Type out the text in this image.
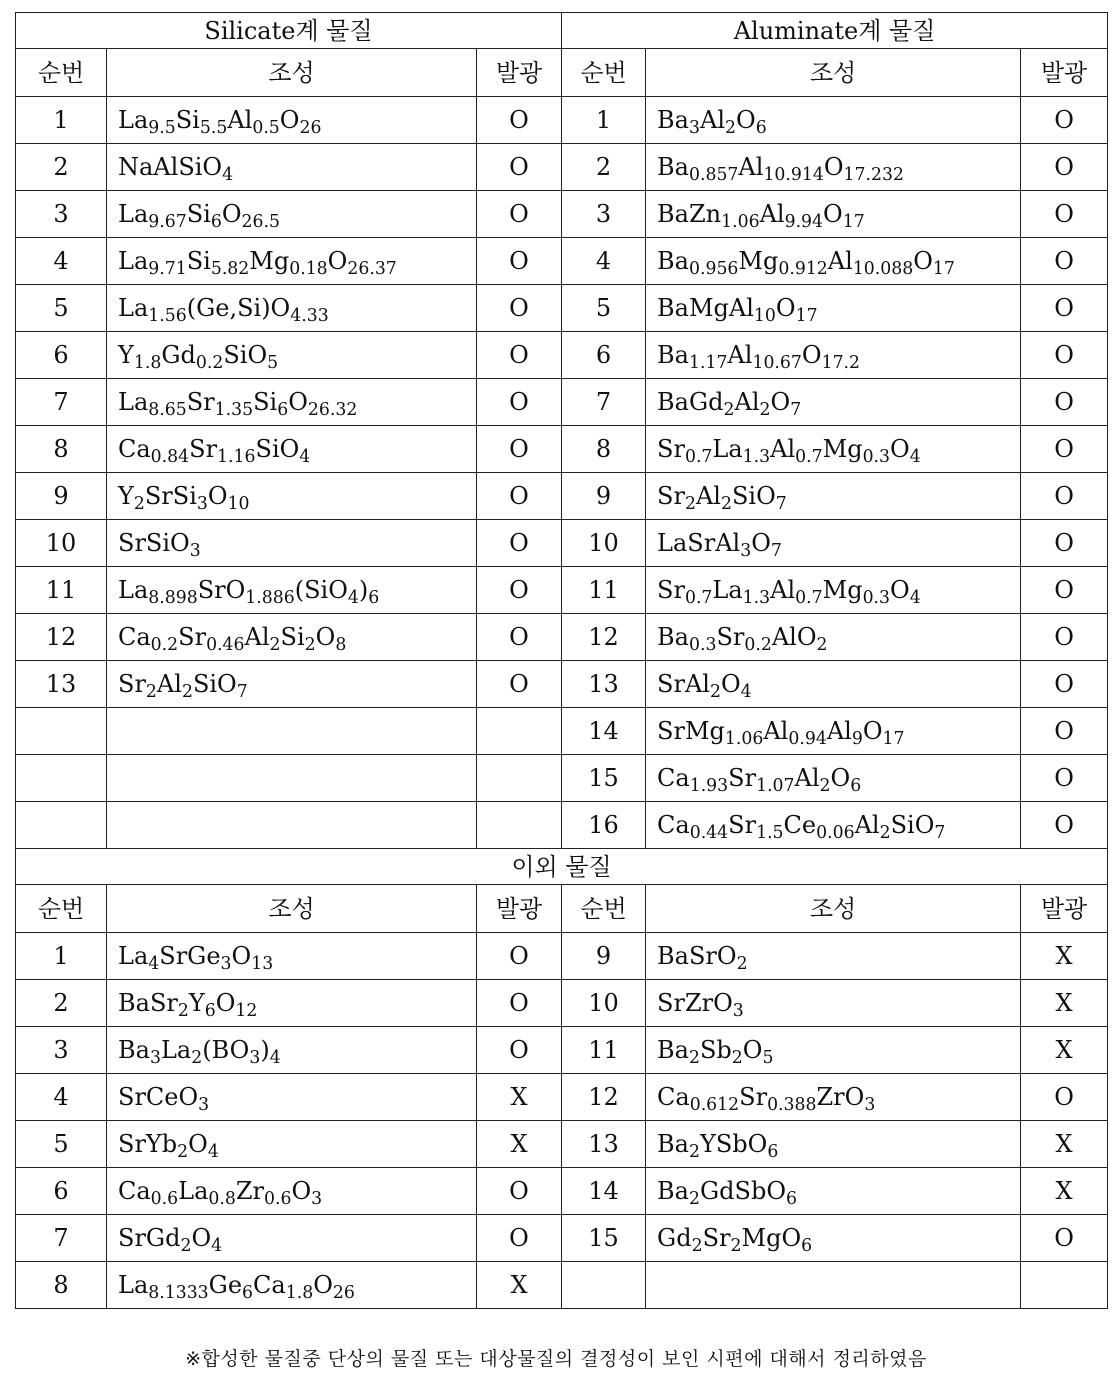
Silicate계 물질			Aluminate계 물질		
순번	조성	발광	순번	조성	발광
1	$La_{9.5}Si_{5.5}Al_{0.5}O_{26}$	O	1	$Ba_3Al_2O_6$	O
2	NaAlSiO$_4$	O	2	$Ba_{0.857}Al_{10.914}O_{17.232}$	O
3	$La_{9.67}Si_6O_{26.5}$	O	3	$BaZn_{1.06}Al_{9.94}O_{17}$	O
4	$La_{9.71}Si_{5.82}Mg_{0.18}O_{26.37}$	O	4	$Ba_{0.956}Mg_{0.912}Al_{10.088}O_{17}$	O
5	$La_{1.56}(Ge,Si)O_{4.33}$	O	5	$BaMgAl_{10}O_{17}$	O
6	$Y_{1.8}Gd_{0.2}SiO_5$	O	6	$Ba_{1.17}Al_{10.67}O_{17.2}$	O
7	$La_{8.65}Sr_{1.35}Si_6O_{26.32}$	O	7	$BaGd_2Al_2O_7$	O
8	$Ca_{0.84}Sr_{1.16}SiO_4$	O	8	$Sr_{0.7}La_{1.3}Al_{0.7}Mg_{0.3}O_4$	O
9	$Y_2SrSi_3O_{10}$	O	9	$Sr_2Al_2SiO_7$	O
10	SrSiO$_3$	O	10	$LaSrAl_3O_7$	O
11	$La_{8.898}SrO_{1.886}(SiO_4)_6$	O	11	$Sr_{0.7}La_{1.3}Al_{0.7}Mg_{0.3}O_4$	O
12	$Ca_{0.2}Sr_{0.46}Al_2Si_2O_8$	O	12	$Ba_{0.3}Sr_{0.2}AlO_2$	O
13	$Sr_2Al_2SiO_7$	O	13	$SrAl_2O_4$	O
			14	$SrMg_{1.06}Al_{0.94}Al_9O_{17}$	O
			15	$Ca_{1.93}Sr_{1.07}Al_2O_6$	O
			16	$Ca_{0.44}Sr_{1.5}Ce_{0.06}Al_2SiO_7$	O
이외 물질					
순번	조성	발광	순번	조성	발광
1	$La_4SrGe_3O_{13}$	O	9	BaSrO$_2$	X
2	$BaSr_2Y_6O_{12}$	O	10	SrZrO$_3$	X
3	$Ba_3La_2(BO_3)_4$	O	11	$Ba_2Sb_2O_5$	X
4	SrCeO$_3$	X	12	$Ca_{0.612}Sr_{0.388}ZrO_3$	O
5	$SrYb_2O_4$	X	13	$Ba_2YSbO_6$	X
6	$Ca_{0.6}La_{0.8}Zr_{0.6}O_3$	O	14	$Ba_2GdSbO_6$	X
7	$SrGd_2O_4$	O	15	$Gd_2Sr_2MgO_6$	O
8	$La_{8.1333}Ge_6Ca_{1.8}O_{26}$	X			
※합성한 물질중 단상의 물질 또는 대상물질의 결정성이 보인 시편에 대해서 정리하였음
